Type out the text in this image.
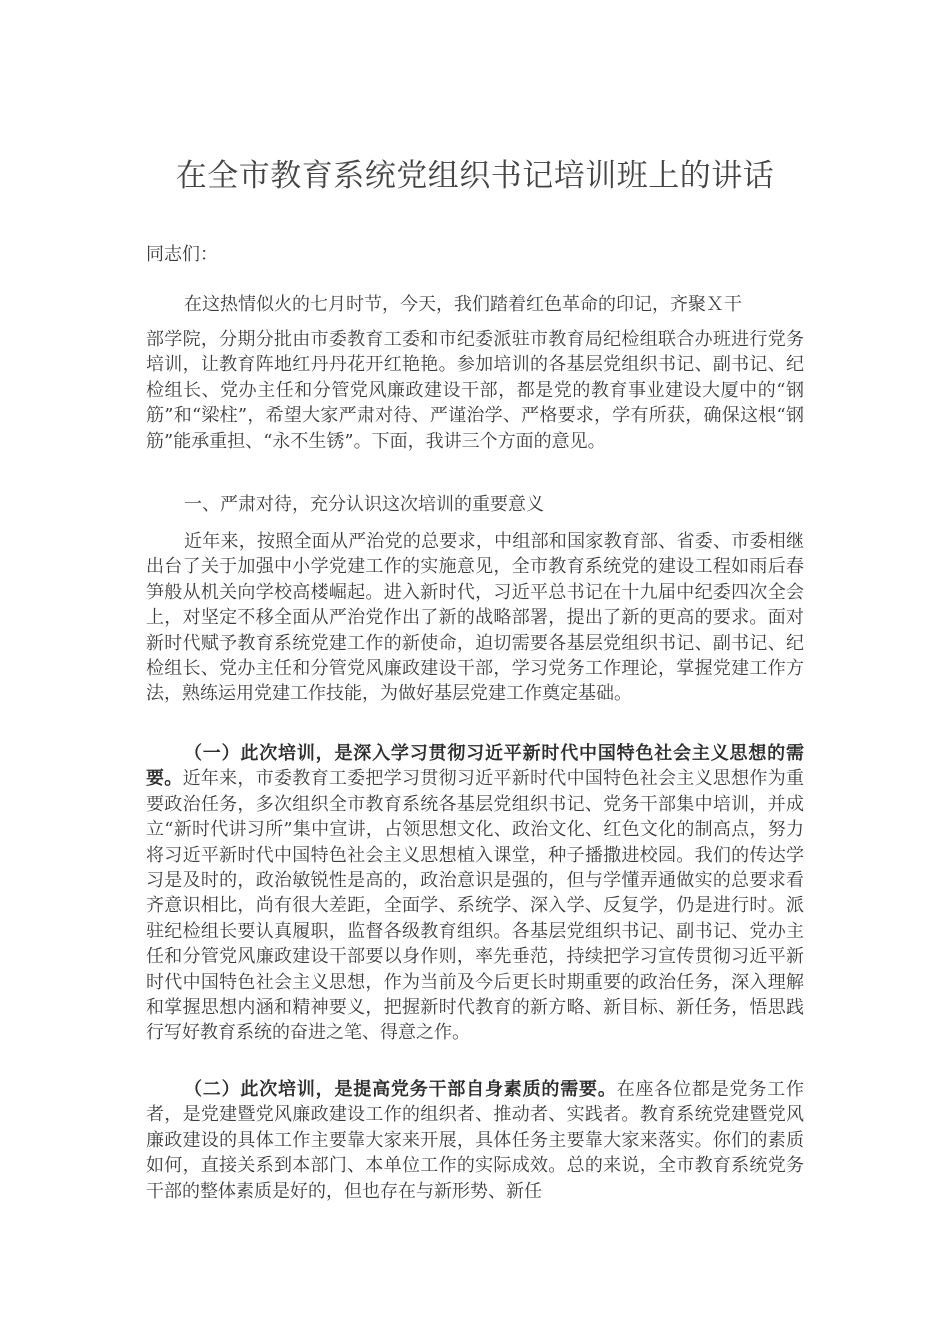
在全市教育系统党组织书记培训班上的讲话
同志们：
在这热情似火的七月时节，今天，我们踏着红色革命的印记，齐聚Ｘ干
部学院，分期分批由市委教育工委和市纪委派驻市教育局纪检组联合办班进行党务培训，让教育阵地红丹丹花开红艳艳。参加培训的各基层党组织书记、副书记、纪检组长、党办主任和分管党风廉政建设干部，都是党的教育事业建设大厦中的“钢筋”和“梁柱”，希望大家严肃对待、严谨治学、严格要求，学有所获，确保这根“钢筋”能承重担、“永不生锈”。下面，我讲三个方面的意见。
一、严肃对待，充分认识这次培训的重要意义
近年来，按照全面从严治党的总要求，中组部和国家教育部、省委、市委相继出台了关于加强中小学党建工作的实施意见，全市教育系统党的建设工程如雨后春笋般从机关向学校高楼崛起。进入新时代，习近平总书记在十九届中纪委四次全会上，对坚定不移全面从严治党作出了新的战略部署，提出了新的更高的要求。面对新时代赋予教育系统党建工作的新使命，迫切需要各基层党组织书记、副书记、纪检组长、党办主任和分管党风廉政建设干部，学习党务工作理论，掌握党建工作方法，熟练运用党建工作技能，为做好基层党建工作奠定基础。
（一）此次培训，是深入学习贯彻习近平新时代中国特色社会主义思想的需要。近年来，市委教育工委把学习贯彻习近平新时代中国特色社会主义思想作为重要政治任务，多次组织全市教育系统各基层党组织书记、党务干部集中培训，并成立“新时代讲习所”集中宣讲，占领思想文化、政治文化、红色文化的制高点，努力将习近平新时代中国特色社会主义思想植入课堂，种子播撒进校园。我们的传达学习是及时的，政治敏锐性是高的，政治意识是强的，但与学懂弄通做实的总要求看齐意识相比，尚有很大差距，全面学、系统学、深入学、反复学，仍是进行时。派驻纪检组长要认真履职，监督各级教育组织。各基层党组织书记、副书记、党办主任和分管党风廉政建设干部要以身作则，率先垂范，持续把学习宣传贯彻习近平新时代中国特色社会主义思想，作为当前及今后更长时期重要的政治任务，深入理解和掌握思想内涵和精神要义，把握新时代教育的新方略、新目标、新任务，悟思践行写好教育系统的奋进之笔、得意之作。
（二）此次培训，是提高党务干部自身素质的需要。在座各位都是党务工作者，是党建暨党风廉政建设工作的组织者、推动者、实践者。教育系统党建暨党风廉政建设的具体工作主要靠大家来开展，具体任务主要靠大家来落实。你们的素质如何，直接关系到本部门、本单位工作的实际成效。总的来说，全市教育系统党务干部的整体素质是好的，但也存在与新形势、新任
